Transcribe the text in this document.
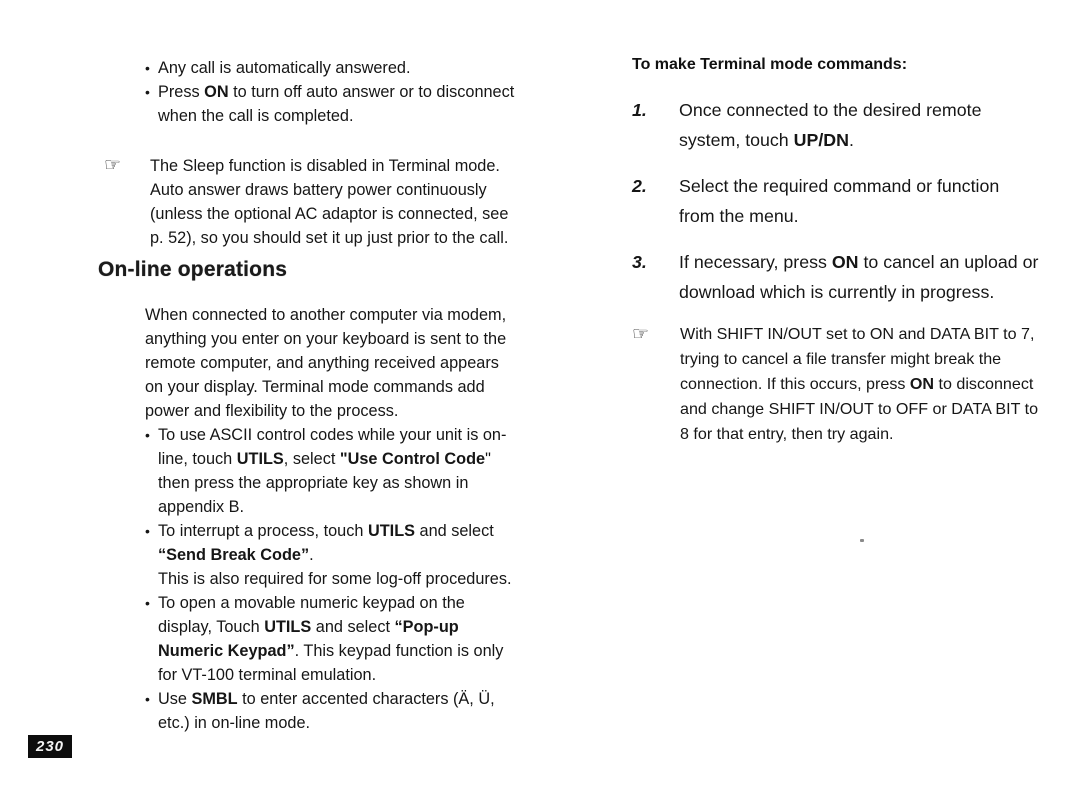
• Any call is automatically answered.
• Press ON to turn off auto answer or to disconnect
when the call is completed.
☞	The Sleep function is disabled in Terminal mode.
Auto answer draws battery power continuously
(unless the optional AC adaptor is connected, see
p. 52), so you should set it up just prior to the call.
On-line operations
When connected to another computer via modem,
anything you enter on your keyboard is sent to the
remote computer, and anything received appears
on your display. Terminal mode commands add
power and flexibility to the process.
• To use ASCII control codes while your unit is on-
line, touch UTILS, select "Use Control Code"
then press the appropriate key as shown in
appendix B.
• To interrupt a process, touch UTILS and select
“Send Break Code”.
This is also required for some log-off procedures.
• To open a movable numeric keypad on the
display, Touch UTILS and select “Pop-up
Numeric Keypad”. This keypad function is only
for VT-100 terminal emulation.
• Use SMBL to enter accented characters (Ä, Ü,
etc.) in on-line mode.
To make Terminal mode commands:
1.	Once connected to the desired remote
system, touch UP/DN.
2.	Select the required command or function
from the menu.
3.	If necessary, press ON to cancel an upload or
download which is currently in progress.
☞	With SHIFT IN/OUT set to ON and DATA BIT to 7,
trying to cancel a file transfer might break the
connection. If this occurs, press ON to disconnect
and change SHIFT IN/OUT to OFF or DATA BIT to
8 for that entry, then try again.
230
